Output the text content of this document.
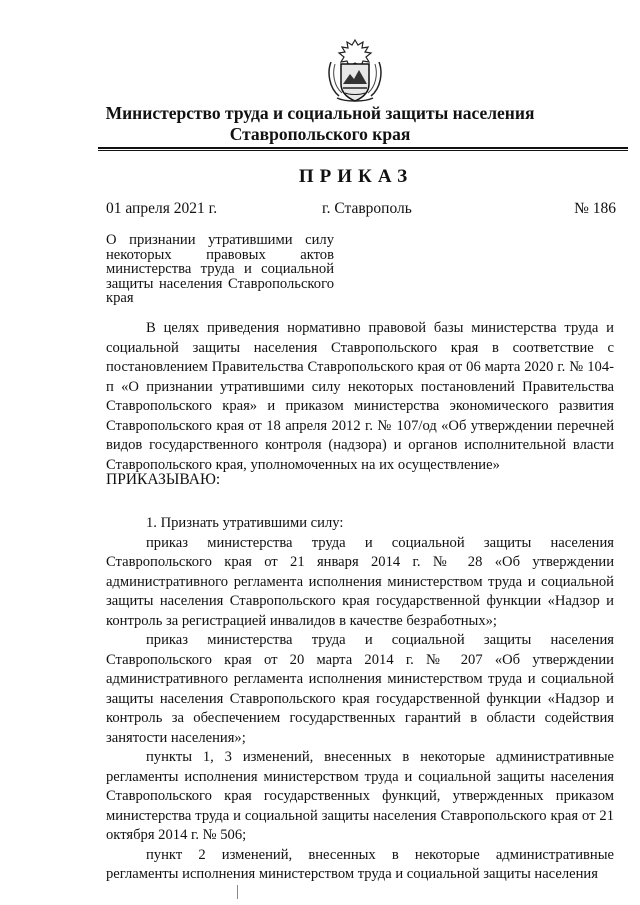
Министерство труда и социальной защиты населения
Ставропольского края
ПРИКАЗ
01 апреля 2021 г.	г. Ставрополь	№ 186
О признании утратившими силу некоторых правовых актов министерства труда и социальной защиты населения Ставропольского края
В целях приведения нормативно правовой базы министерства труда и социальной защиты населения Ставропольского края в соответствие с постановлением Правительства Ставропольского края от 06 марта 2020 г. № 104-п «О признании утратившими силу некоторых постановлений Правительства Ставропольского края» и приказом министерства экономического развития Ставропольского края от 18 апреля 2012 г. № 107/од «Об утверждении перечней видов государственного контроля (надзора) и органов исполнительной власти Ставропольского края, уполномоченных на их осуществление»
ПРИКАЗЫВАЮ:

1. Признать утратившими силу:

приказ министерства труда и социальной защиты населения Ставропольского края от 21 января 2014 г. № 28 «Об утверждении административного регламента исполнения министерством труда и социальной защиты населения Ставропольского края государственной функции «Надзор и контроль за регистрацией инвалидов в качестве безработных»;

приказ министерства труда и социальной защиты населения Ставропольского края от 20 марта 2014 г. № 207 «Об утверждении административного регламента исполнения министерством труда и социальной защиты населения Ставропольского края государственной функции «Надзор и контроль за обеспечением государственных гарантий в области содействия занятости населения»;

пункты 1, 3 изменений, внесенных в некоторые административные регламенты исполнения министерством труда и социальной защиты населения Ставропольского края государственных функций, утвержденных приказом министерства труда и социальной защиты населения Ставропольского края от 21 октября 2014 г. № 506;

пункт 2 изменений, внесенных в некоторые административные регламенты исполнения министерством труда и социальной защиты населения
